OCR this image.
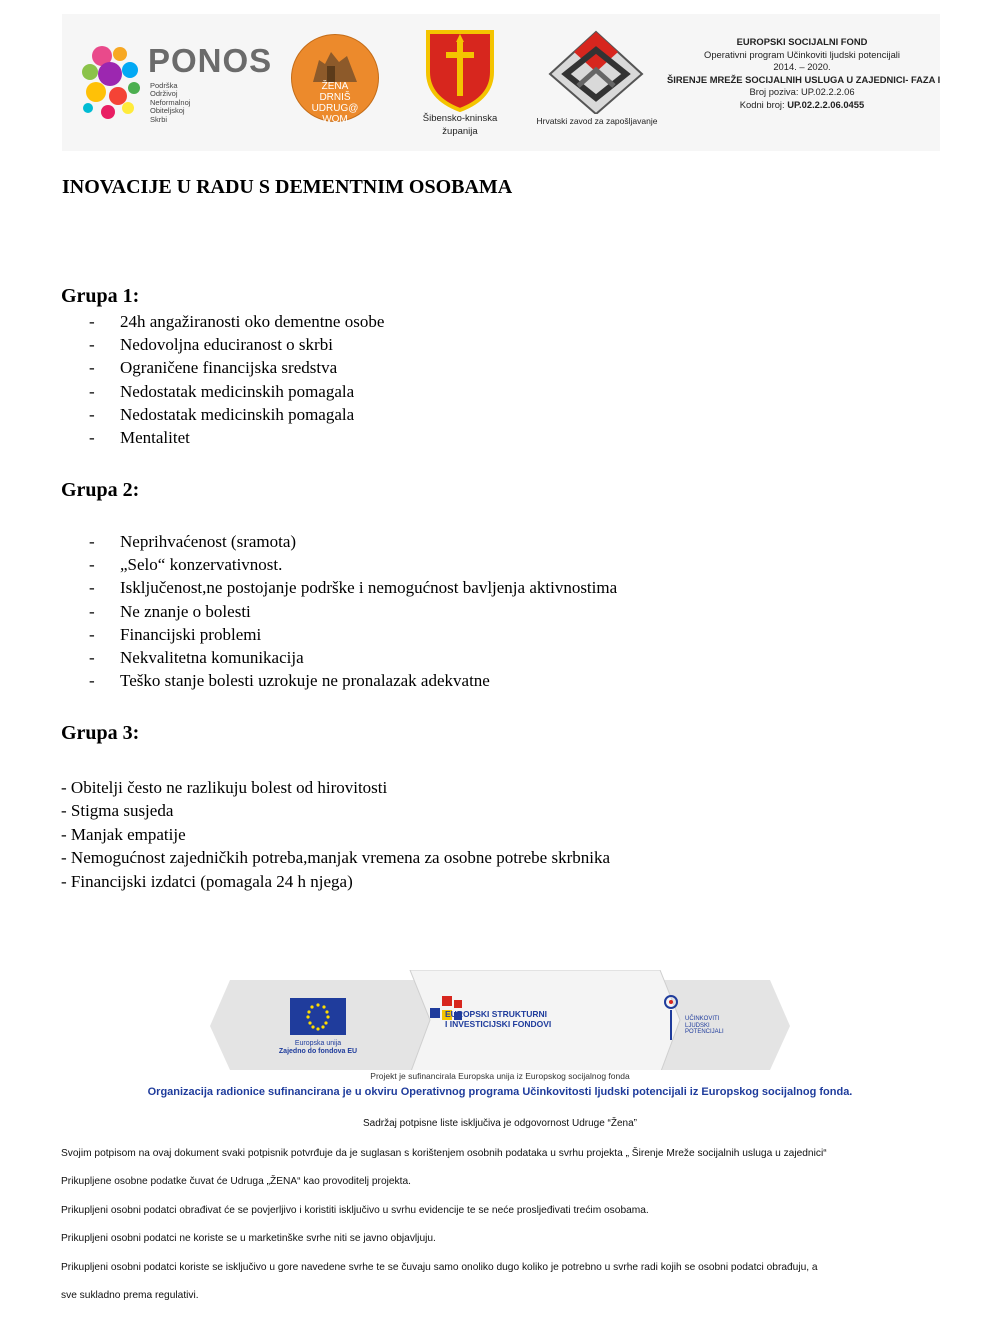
PONOS
Podrška
Održivoj
Neformalnoj
Obiteljskoj
Skrbi
ŽENA
DRNIŠ
UDRUG@
WOM	Šibensko-kninska
županija
Hrvatski zavod za zapošljavanje
EUROPSKI SOCIJALNI FOND
Operativni program Učinkoviti ljudski potencijali
2014. – 2020.
ŠIRENJE MREŽE SOCIJALNIH USLUGA U ZAJEDNICI- FAZA I
Broj poziva: UP.02.2.2.06
Kodni broj: UP.02.2.2.06.0455
INOVACIJE U RADU S DEMENTNIM OSOBAMA
Grupa 1:
- 24h angažiranosti oko dementne osobe
- Nedovoljna educiranost o skrbi
- Ograničene financijska sredstva
- Nedostatak medicinskih pomagala
- Nedostatak medicinskih pomagala
- Mentalitet
Grupa 2:
- Neprihvaćenost (sramota)
- „Selo“ konzervativnost.
- Isključenost,ne postojanje podrške i nemogućnost bavljenja aktivnostima
- Ne znanje o bolesti
- Financijski problemi
- Nekvalitetna komunikacija
- Teško stanje bolesti uzrokuje ne pronalazak adekvatne
Grupa 3:
- Obitelji često ne razlikuju bolest od hirovitosti
- Stigma susjeda
- Manjak empatije
- Nemogućnost zajedničkih potreba,manjak vremena za osobne potrebe skrbnika
- Financijski izdatci (pomagala 24 h njega)
Europska unija
Zajedno do fondova EU
EUROPSKI STRUKTURNI
I INVESTICIJSKI FONDOVI	UČINKOVITI
LJUDSKI
POTENCIJALI
Projekt je sufinancirala Europska unija iz Europskog socijalnog fonda
Organizacija radionice sufinancirana je u okviru Operativnog programa Učinkovitosti ljudski potencijali iz Europskog socijalnog fonda.
Sadržaj potpisne liste isključiva je odgovornost Udruge “Žena”

Svojim potpisom na ovaj dokument svaki potpisnik potvrđuje da je suglasan s korištenjem osobnih podataka u svrhu projekta „ Širenje Mreže socijalnih usluga u zajednici“

Prikupljene osobne podatke čuvat će Udruga „ŽENA“ kao provoditelj projekta.

Prikupljeni osobni podatci obrađivat će se povjerljivo i koristiti isključivo u svrhu evidencije te se neće prosljeđivati trećim osobama.

Prikupljeni osobni podatci ne koriste se u marketinške svrhe niti se javno objavljuju.

Prikupljeni osobni podatci koriste se isključivo u gore navedene svrhe te se čuvaju samo onoliko dugo koliko je potrebno u svrhe radi kojih se osobni podatci obrađuju, a

sve sukladno prema regulativi.
